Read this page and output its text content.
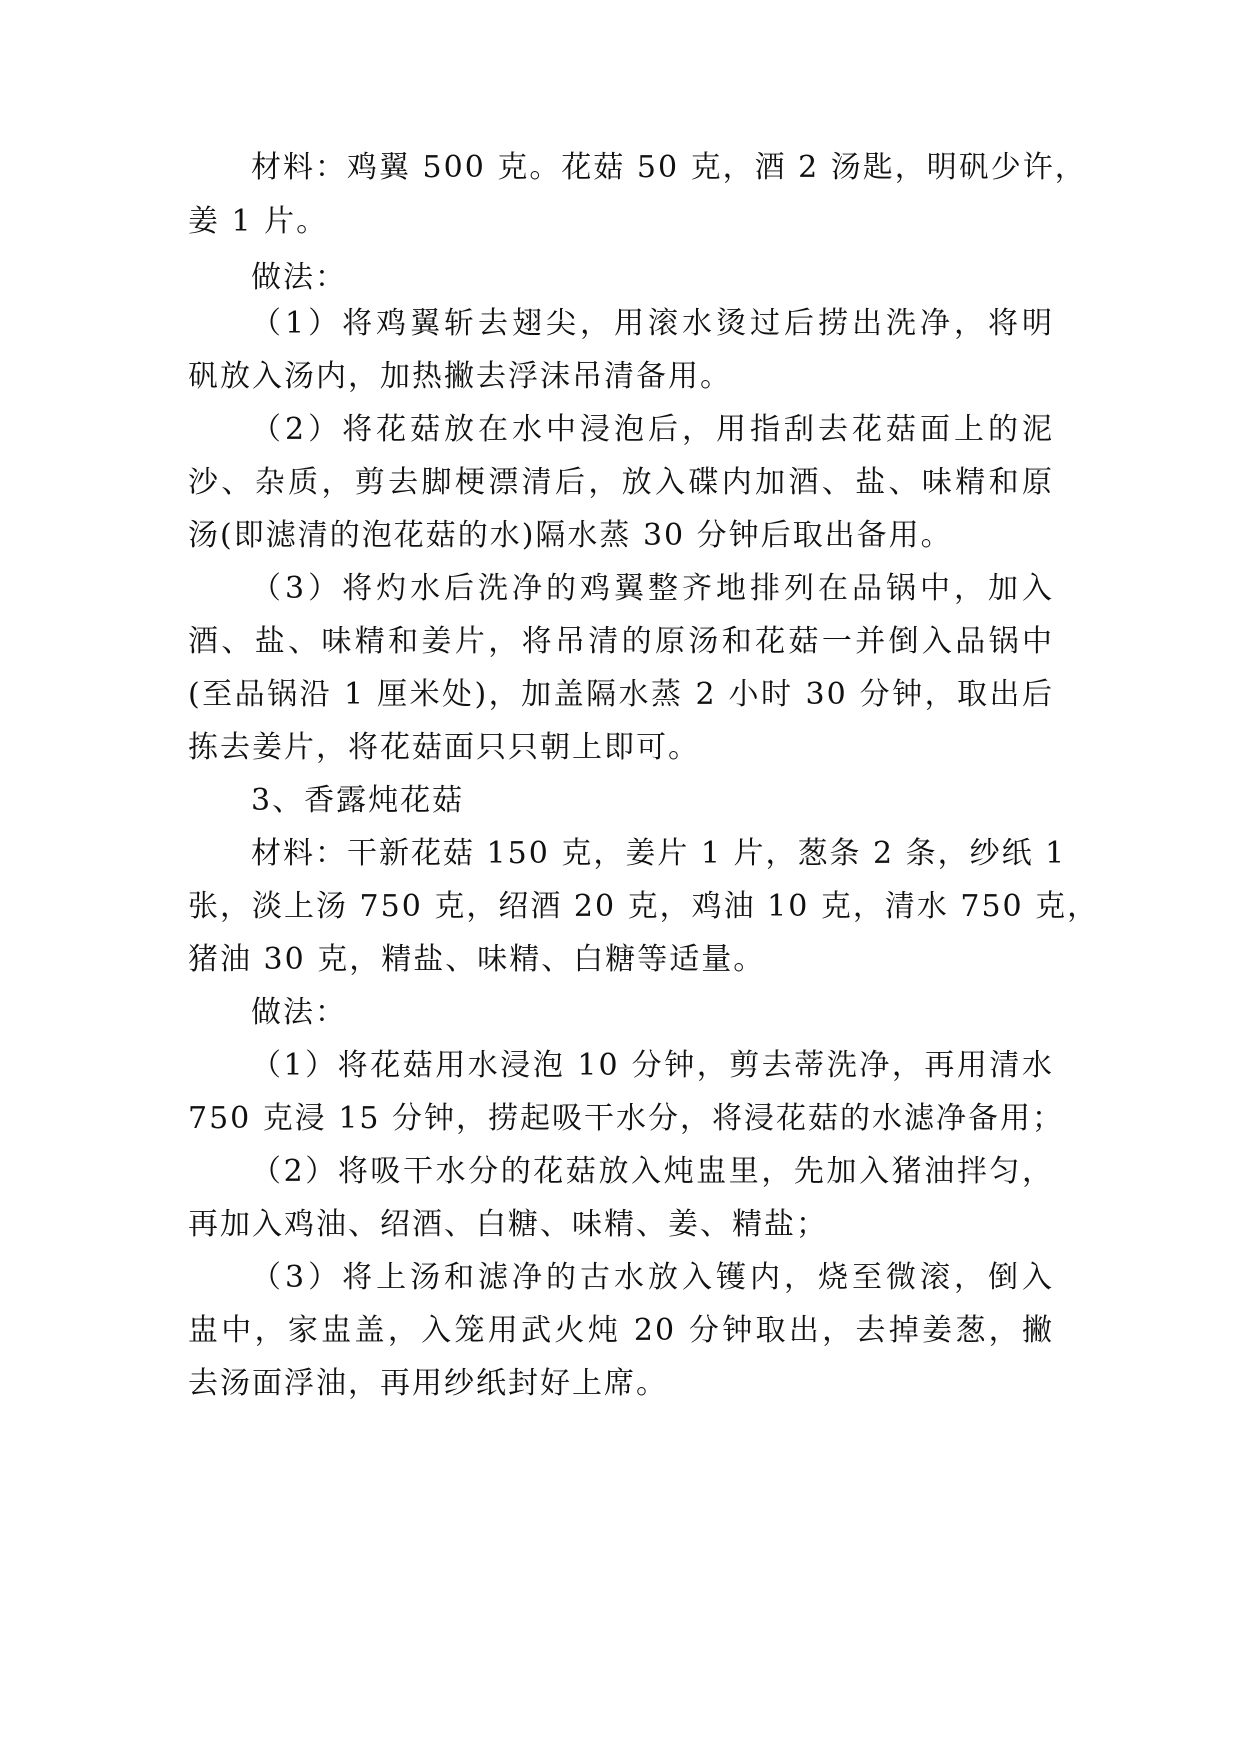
材料：鸡翼 500 克。花菇 50 克，酒 2 汤匙，明矾少许，
姜 1 片。
做法：
（1）将鸡翼斩去翅尖，用滚水烫过后捞出洗净，将明
矾放入汤内，加热撇去浮沫吊清备用。
（2）将花菇放在水中浸泡后，用指刮去花菇面上的泥
沙、杂质，剪去脚梗漂清后，放入碟内加酒、盐、味精和原
汤(即滤清的泡花菇的水)隔水蒸 30 分钟后取出备用。
（3）将灼水后洗净的鸡翼整齐地排列在品锅中，加入
酒、盐、味精和姜片，将吊清的原汤和花菇一并倒入品锅中
(至品锅沿 1 厘米处)，加盖隔水蒸 2 小时 30 分钟，取出后
拣去姜片，将花菇面只只朝上即可。
3、香露炖花菇
材料：干新花菇 150 克，姜片 1 片，葱条 2 条，纱纸 1
张，淡上汤 750 克，绍酒 20 克，鸡油 10 克，清水 750 克，
猪油 30 克，精盐、味精、白糖等适量。
做法：
（1）将花菇用水浸泡 10 分钟，剪去蒂洗净，再用清水
750 克浸 15 分钟，捞起吸干水分，将浸花菇的水滤净备用；
（2）将吸干水分的花菇放入炖盅里，先加入猪油拌匀，
再加入鸡油、绍酒、白糖、味精、姜、精盐；
（3）将上汤和滤净的古水放入镬内，烧至微滚，倒入
盅中，家盅盖，入笼用武火炖 20 分钟取出，去掉姜葱，撇
去汤面浮油，再用纱纸封好上席。
